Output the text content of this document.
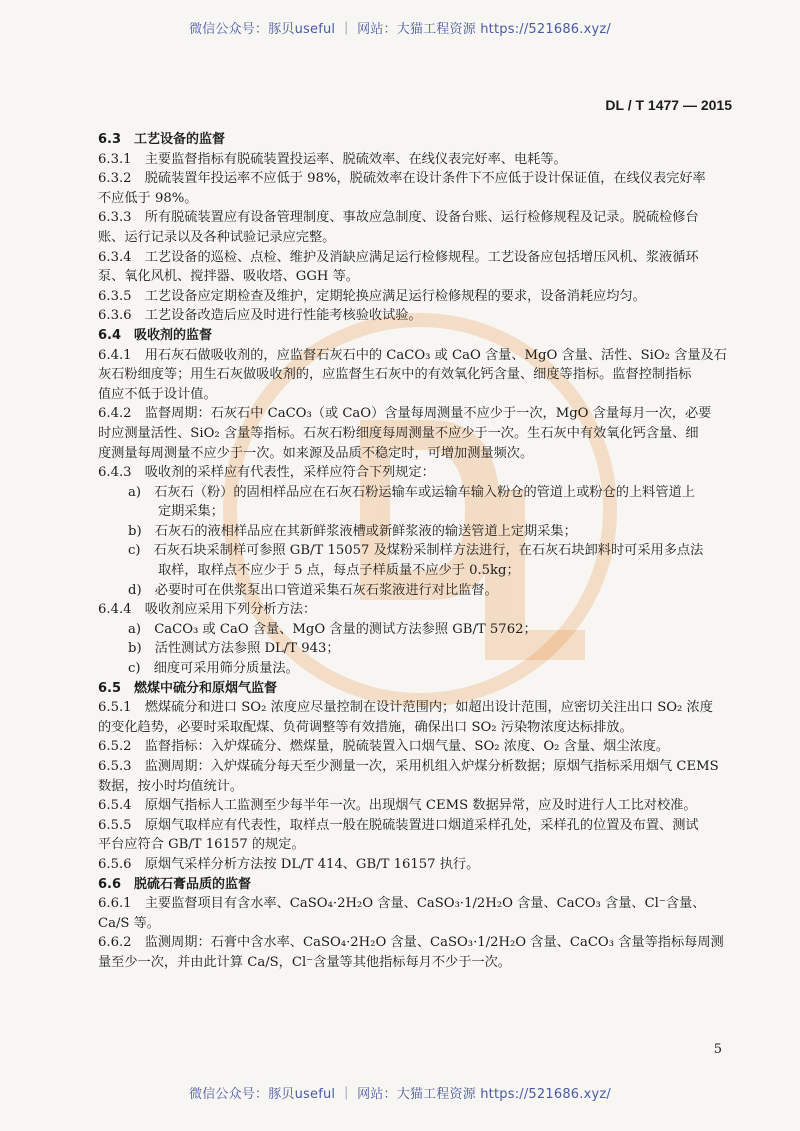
微信公众号：豚贝useful ｜ 网站：大猫工程资源 https://521686.xyz/
DL / T 1477 — 2015
6.3　工艺设备的监督
6.3.1　主要监督指标有脱硫装置投运率、脱硫效率、在线仪表完好率、电耗等。
6.3.2　脱硫装置年投运率不应低于 98%，脱硫效率在设计条件下不应低于设计保证值，在线仪表完好率
不应低于 98%。
6.3.3　所有脱硫装置应有设备管理制度、事故应急制度、设备台账、运行检修规程及记录。脱硫检修台
账、运行记录以及各种试验记录应完整。
6.3.4　工艺设备的巡检、点检、维护及消缺应满足运行检修规程。工艺设备应包括增压风机、浆液循环
泵、氧化风机、搅拌器、吸收塔、GGH 等。
6.3.5　工艺设备应定期检查及维护，定期轮换应满足运行检修规程的要求，设备消耗应均匀。
6.3.6　工艺设备改造后应及时进行性能考核验收试验。
6.4　吸收剂的监督
6.4.1　用石灰石做吸收剂的，应监督石灰石中的 CaCO₃ 或 CaO 含量、MgO 含量、活性、SiO₂ 含量及石
灰石粉细度等；用生石灰做吸收剂的，应监督生石灰中的有效氧化钙含量、细度等指标。监督控制指标
值应不低于设计值。
6.4.2　监督周期：石灰石中 CaCO₃（或 CaO）含量每周测量不应少于一次，MgO 含量每月一次，必要
时应测量活性、SiO₂ 含量等指标。石灰石粉细度每周测量不应少于一次。生石灰中有效氧化钙含量、细
度测量每周测量不应少于一次。如来源及品质不稳定时，可增加测量频次。
6.4.3　吸收剂的采样应有代表性，采样应符合下列规定：
a)　石灰石（粉）的固相样品应在石灰石粉运输车或运输车输入粉仓的管道上或粉仓的上料管道上
定期采集；
b)　石灰石的液相样品应在其新鲜浆液槽或新鲜浆液的输送管道上定期采集；
c)　石灰石块采制样可参照 GB/T 15057 及煤粉采制样方法进行，在石灰石块卸料时可采用多点法
取样，取样点不应少于 5 点，每点子样质量不应少于 0.5kg；
d)　必要时可在供浆泵出口管道采集石灰石浆液进行对比监督。
6.4.4　吸收剂应采用下列分析方法：
a)　CaCO₃ 或 CaO 含量、MgO 含量的测试方法参照 GB/T 5762；
b)　活性测试方法参照 DL/T 943；
c)　细度可采用筛分质量法。
6.5　燃煤中硫分和原烟气监督
6.5.1　燃煤硫分和进口 SO₂ 浓度应尽量控制在设计范围内；如超出设计范围，应密切关注出口 SO₂ 浓度
的变化趋势，必要时采取配煤、负荷调整等有效措施，确保出口 SO₂ 污染物浓度达标排放。
6.5.2　监督指标：入炉煤硫分、燃煤量，脱硫装置入口烟气量、SO₂ 浓度、O₂ 含量、烟尘浓度。
6.5.3　监测周期：入炉煤硫分每天至少测量一次，采用机组入炉煤分析数据；原烟气指标采用烟气 CEMS
数据，按小时均值统计。
6.5.4　原烟气指标人工监测至少每半年一次。出现烟气 CEMS 数据异常，应及时进行人工比对校准。
6.5.5　原烟气取样应有代表性，取样点一般在脱硫装置进口烟道采样孔处，采样孔的位置及布置、测试
平台应符合 GB/T 16157 的规定。
6.5.6　原烟气采样分析方法按 DL/T 414、GB/T 16157 执行。
6.6　脱硫石膏品质的监督
6.6.1　主要监督项目有含水率、CaSO₄·2H₂O 含量、CaSO₃·1/2H₂O 含量、CaCO₃ 含量、Cl⁻含量、
Ca/S 等。
6.6.2　监测周期：石膏中含水率、CaSO₄·2H₂O 含量、CaSO₃·1/2H₂O 含量、CaCO₃ 含量等指标每周测
量至少一次，并由此计算 Ca/S，Cl⁻含量等其他指标每月不少于一次。
5
微信公众号：豚贝useful ｜ 网站：大猫工程资源 https://521686.xyz/
